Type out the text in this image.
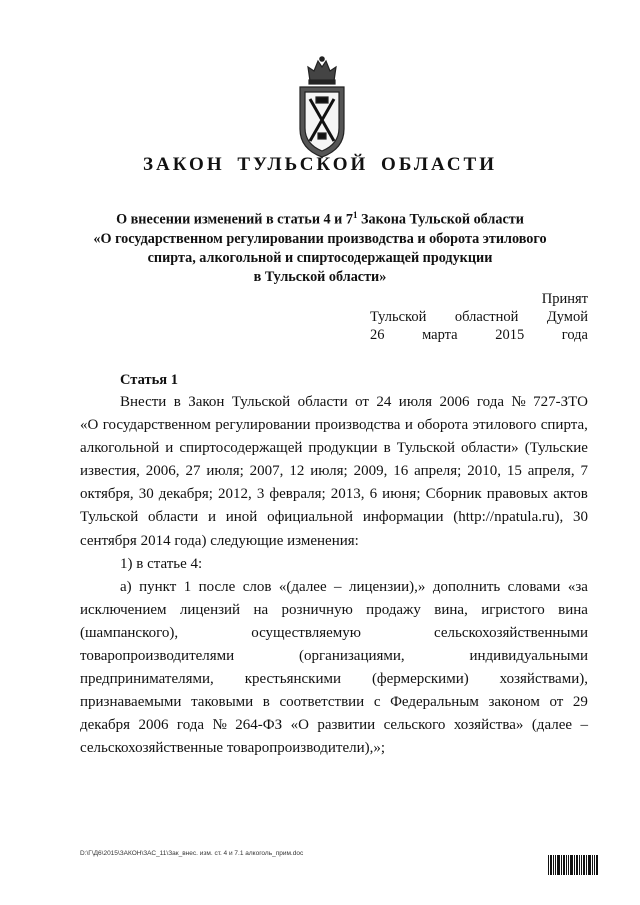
ЗАКОН ТУЛЬСКОЙ ОБЛАСТИ
О внесении изменений в статьи 4 и $7^1$ Закона Тульской области
«О государственном регулировании производства и оборота этилового
спирта, алкогольной и спиртосодержащей продукции
в Тульской области»
Принят
Тульской областной Думой
26	марта	2015	года
Статья 1
Внести в Закон Тульской области от 24 июля 2006 года № 727-ЗТО
«О государственном регулировании производства и оборота этилового спирта,
алкогольной и спиртосодержащей продукции в Тульской области» (Тульские
известия, 2006, 27 июля; 2007, 12 июля; 2009, 16 апреля; 2010, 15 апреля, 7
октября, 30 декабря; 2012, 3 февраля; 2013, 6 июня; Сборник правовых актов
Тульской области и иной официальной информации (http://npatula.ru), 30
сентября 2014 года) следующие изменения:
1) в статье 4:
а) пункт 1 после слов «(далее – лицензии),» дополнить словами «за
исключением лицензий на розничную продажу вина, игристого вина
(шампанского),	осуществляемую	сельскохозяйственными
товаропроизводителями	(организациями,	индивидуальными
предпринимателями, крестьянскими (фермерскими) хозяйствами),
признаваемыми таковыми в соответствии с Федеральным законом от 29
декабря 2006 года № 264-ФЗ «О развитии сельского хозяйства» (далее –
сельскохозяйственные товаропроизводители),»;
D:\Г\Д6\2015\ЗАКОН\ЗАС_11\Зак_внес. изм. ст. 4 и 7.1 алкоголь_прим.doc
